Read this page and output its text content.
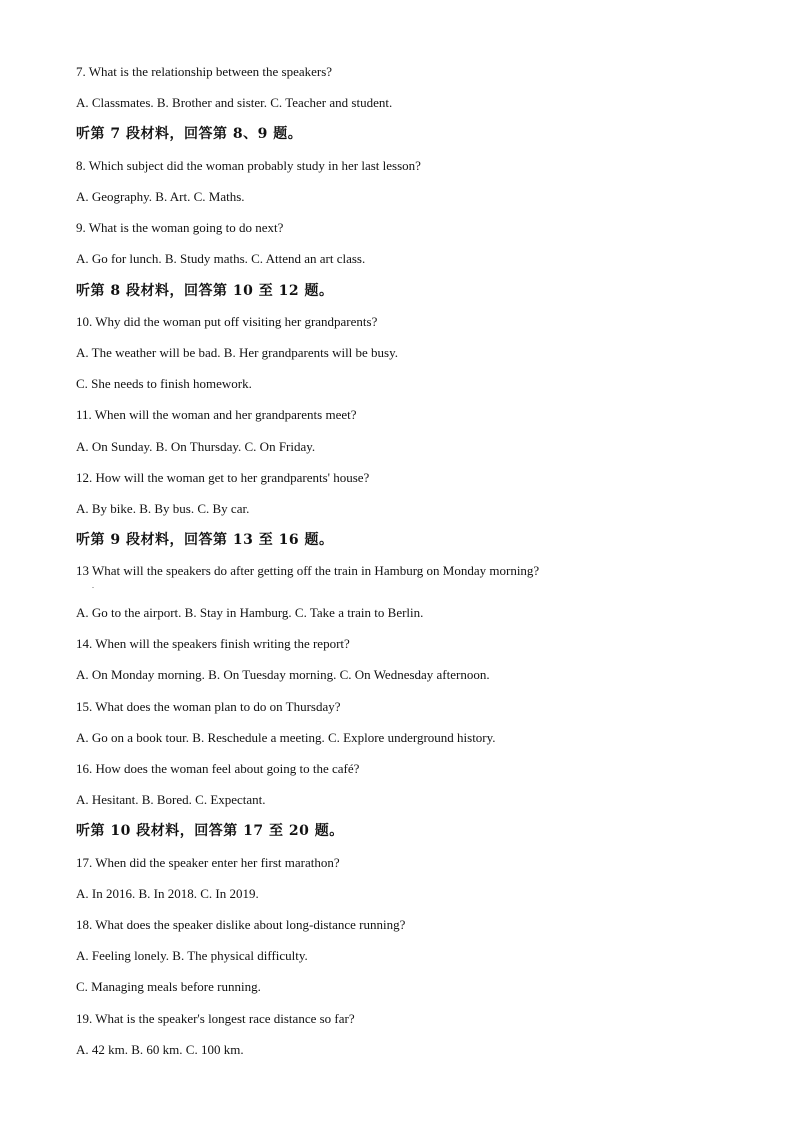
7. What is the relationship between the speakers?
A. Classmates. B. Brother and sister. C. Teacher and student.
听第 7 段材料，回答第 8、9 题。
8. Which subject did the woman probably study in her last lesson?
A. Geography. B. Art. C. Maths.
9. What is the woman going to do next?
A. Go for lunch. B. Study maths. C. Attend an art class.
听第 8 段材料，回答第 10 至 12 题。
10. Why did the woman put off visiting her grandparents?
A. The weather will be bad. B. Her grandparents will be busy.
C. She needs to finish homework.
11. When will the woman and her grandparents meet?
A. On Sunday. B. On Thursday. C. On Friday.
12. How will the woman get to her grandparents' house?
A. By bike. B. By bus. C. By car.
听第 9 段材料，回答第 13 至 16 题。
13 What will the speakers do after getting off the train in Hamburg on Monday morning?
.
A. Go to the airport. B. Stay in Hamburg. C. Take a train to Berlin.
14. When will the speakers finish writing the report?
A. On Monday morning. B. On Tuesday morning. C. On Wednesday afternoon.
15. What does the woman plan to do on Thursday?
A. Go on a book tour. B. Reschedule a meeting. C. Explore underground history.
16. How does the woman feel about going to the café?
A. Hesitant. B. Bored. C. Expectant.
听第 10 段材料，回答第 17 至 20 题。
17. When did the speaker enter her first marathon?
A. In 2016. B. In 2018. C. In 2019.
18. What does the speaker dislike about long-distance running?
A. Feeling lonely. B. The physical difficulty.
C. Managing meals before running.
19. What is the speaker's longest race distance so far?
A. 42 km. B. 60 km. C. 100 km.
